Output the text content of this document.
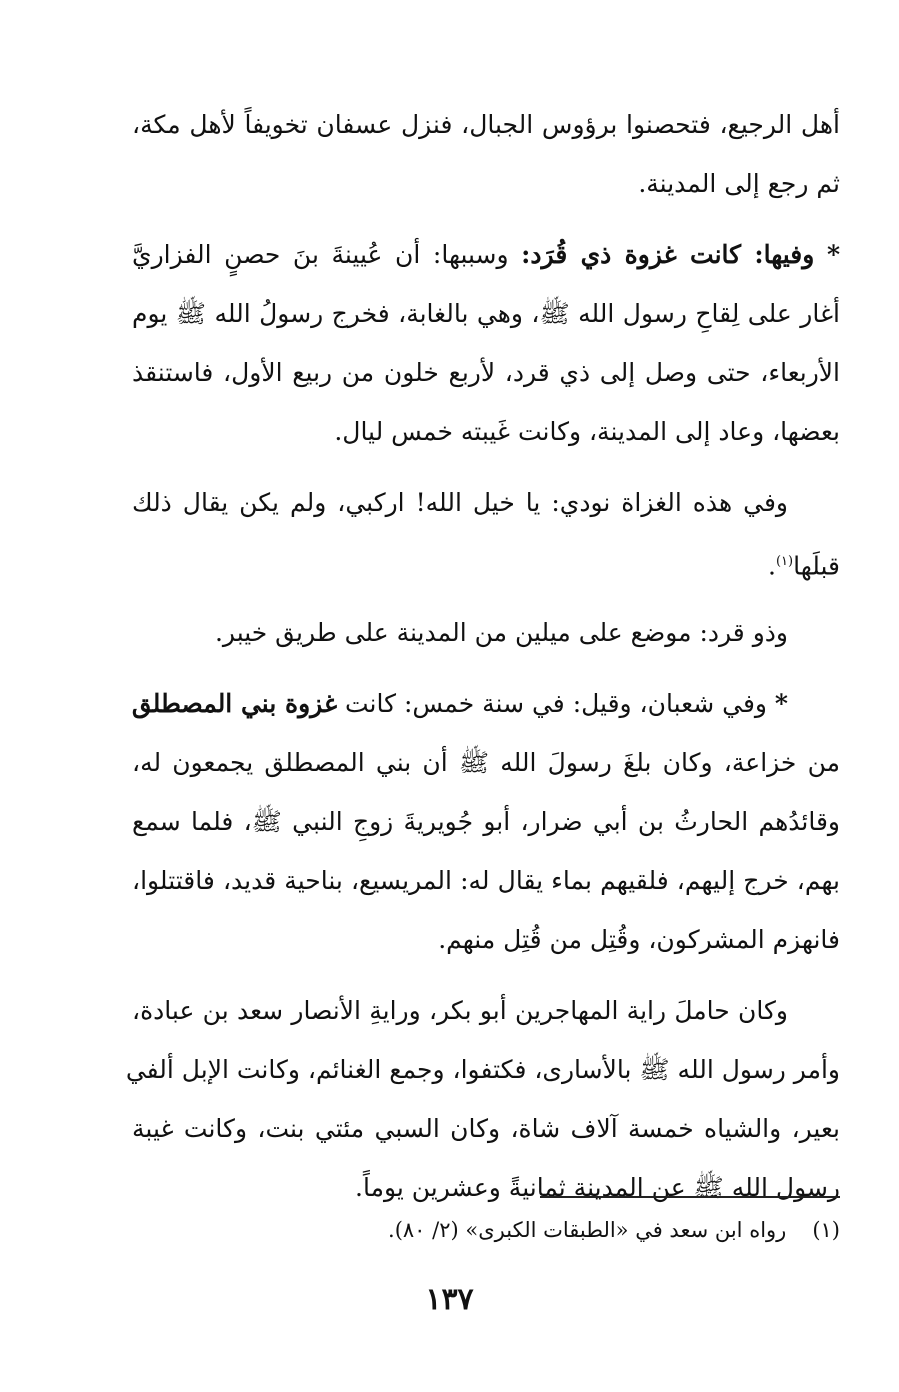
أهل الرجيع، فتحصنوا برؤوس الجبال، فنزل عسفان تخويفاً لأهل مكة،
ثم رجع إلى المدينة.
* وفيها: كانت غزوة ذي قُرَد: وسببها: أن عُيينةَ بنَ حصنٍ الفزاريَّ
أغار على لِقاحِ رسول الله ﷺ، وهي بالغابة، فخرج رسولُ الله ﷺ يوم
الأربعاء، حتى وصل إلى ذي قرد، لأربع خلون من ربيع الأول، فاستنقذ
بعضها، وعاد إلى المدينة، وكانت غَيبته خمس ليال.
وفي هذه الغزاة نودي: يا خيل الله! اركبي، ولم يكن يقال ذلك
قبلَها$^{(١)}$.
وذو قرد: موضع على ميلين من المدينة على طريق خيبر.
* وفي شعبان، وقيل: في سنة خمس: كانت غزوة بني المصطلق
من خزاعة، وكان بلغَ رسولَ الله ﷺ أن بني المصطلق يجمعون له،
وقائدُهم الحارثُ بن أبي ضرار، أبو جُويريةَ زوجِ النبي ﷺ، فلما سمع
بهم، خرج إليهم، فلقيهم بماء يقال له: المريسيع، بناحية قديد، فاقتتلوا،
فانهزم المشركون، وقُتِل من قُتِل منهم.
وكان حاملَ راية المهاجرين أبو بكر، ورايةِ الأنصار سعد بن عبادة،
وأمر رسول الله ﷺ بالأسارى، فكتفوا، وجمع الغنائم، وكانت الإبل ألفي
بعير، والشياه خمسة آلاف شاة، وكان السبي مئتي بنت، وكانت غيبة
رسول الله ﷺ عن المدينة ثمانيةً وعشرين يوماً.
(١)رواه ابن سعد في «الطبقات الكبرى» (٢/ ٨٠).
١٣٧
